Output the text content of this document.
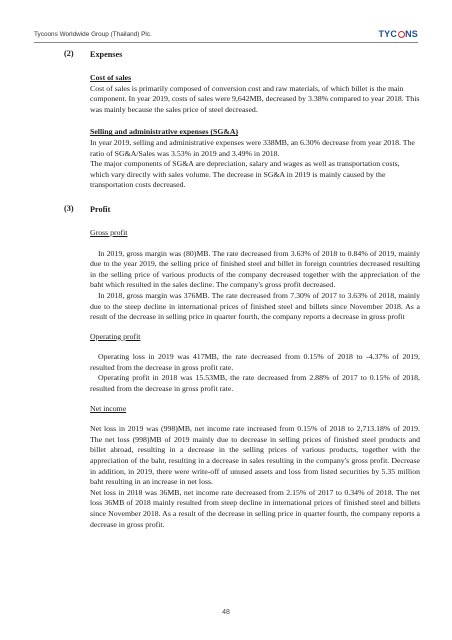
Tycoons Worldwide Group (Thailand) Plc.	TYC NS
(2) Expenses
Cost of sales

Cost of sales is primarily composed of conversion cost and raw materials, of which billet is the main component. In year 2019, costs of sales were 9,642MB, decreased by 3.38% compared to year 2018. This was mainly because the sales price of steel decreased.

Selling and administrative expenses (SG&A)

In year 2019, selling and administrative expenses were 338MB, an 6.30% decrease from year 2018. The ratio of SG&A/Sales was 3.53% in 2019 and 3.49% in 2018.

The major components of SG&A are depreciation, salary and wages as well as transportation costs, which vary directly with sales volume. The decrease in SG&A in 2019 is mainly caused by the transportation costs decreased.

(3) Profit
Gross profit

In 2019, gross margin was (80)MB. The rate decreased from 3.63% of 2018 to 0.84% of 2019, mainly due to the year 2019, the selling price of finished steel and billet in foreign countries decreased resulting in the selling price of various products of the company decreased together with the appreciation of the baht which resulted in the sales decline. The company's gross profit decreased.

In 2018, gross margin was 376MB. The rate decreased from 7.30% of 2017 to 3.63% of 2018, mainly due to the steep decline in international prices of finished steel and billets since November 2018. As a result of the decrease in selling price in quarter fourth, the company reports a decrease in gross profit

Operating profit

Operating loss in 2019 was 417MB, the rate decreased from 0.15% of 2018 to -4.37% of 2019, resulted from the decrease in gross profit rate.

Operating profit in 2018 was 15.53MB, the rate decreased from 2.88% of 2017 to 0.15% of 2018, resulted from the decrease in gross profit rate.

Net income

Net loss in 2019 was (998)MB, net income rate increased from 0.15% of 2018 to 2,713.18% of 2019. The net loss (998)MB of 2019 mainly due to decrease in selling prices of finished steel products and billet abroad, resulting in a decrease in the selling prices of various products, together with the appreciation of the baht, resulting in a decrease in sales resulting in the company's gross profit. Decrease in addition, in 2019, there were write-off of unused assets and loss from listed securities by 5.35 million baht resulting in an increase in net loss.

Net loss in 2018 was 36MB, net income rate decreased from 2.15% of 2017 to 0.34% of 2018. The net loss 36MB of 2018 mainly resulted from steep decline in international prices of finished steel and billets since November 2018. As a result of the decrease in selling price in quarter fourth, the company reports a decrease in gross profit.

48
